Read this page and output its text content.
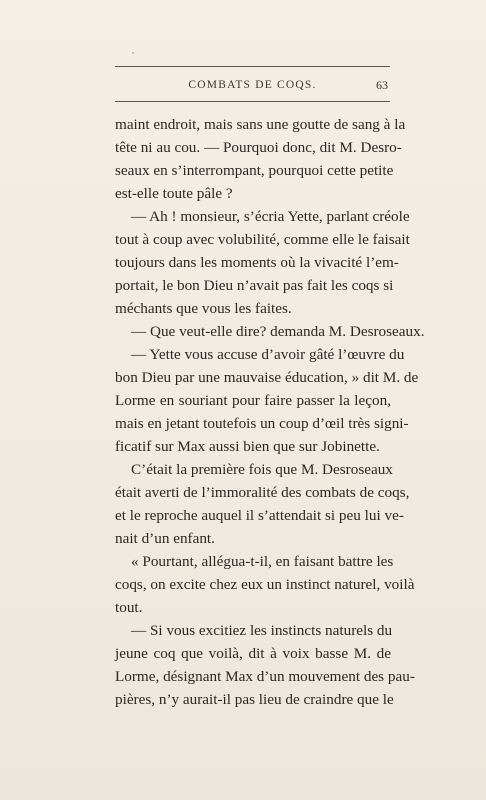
COMBATS DE COQS.	63
maint endroit, mais sans une goutte de sang à la
tête ni au cou. — Pourquoi donc, dit M. Desro-
seaux en s’interrompant, pourquoi cette petite
est-elle toute pâle ?
— Ah ! monsieur, s’écria Yette, parlant créole
tout à coup avec volubilité, comme elle le faisait
toujours dans les moments où la vivacité l’em-
portait, le bon Dieu n’avait pas fait les coqs si
méchants que vous les faites.
— Que veut-elle dire? demanda M. Desroseaux.
— Yette vous accuse d’avoir gâté l’œuvre du
bon Dieu par une mauvaise éducation, » dit M. de
Lorme en souriant pour faire passer la leçon,
mais en jetant toutefois un coup d’œil très signi-
ficatif sur Max aussi bien que sur Jobinette.
C’était la première fois que M. Desroseaux
était averti de l’immoralité des combats de coqs,
et le reproche auquel il s’attendait si peu lui ve-
nait d’un enfant.
« Pourtant, allégua-t-il, en faisant battre les
coqs, on excite chez eux un instinct naturel, voilà
tout.
— Si vous excitiez les instincts naturels du
jeune coq que voilà, dit à voix basse M. de
Lorme, désignant Max d’un mouvement des pau-
pières, n’y aurait-il pas lieu de craindre que le
